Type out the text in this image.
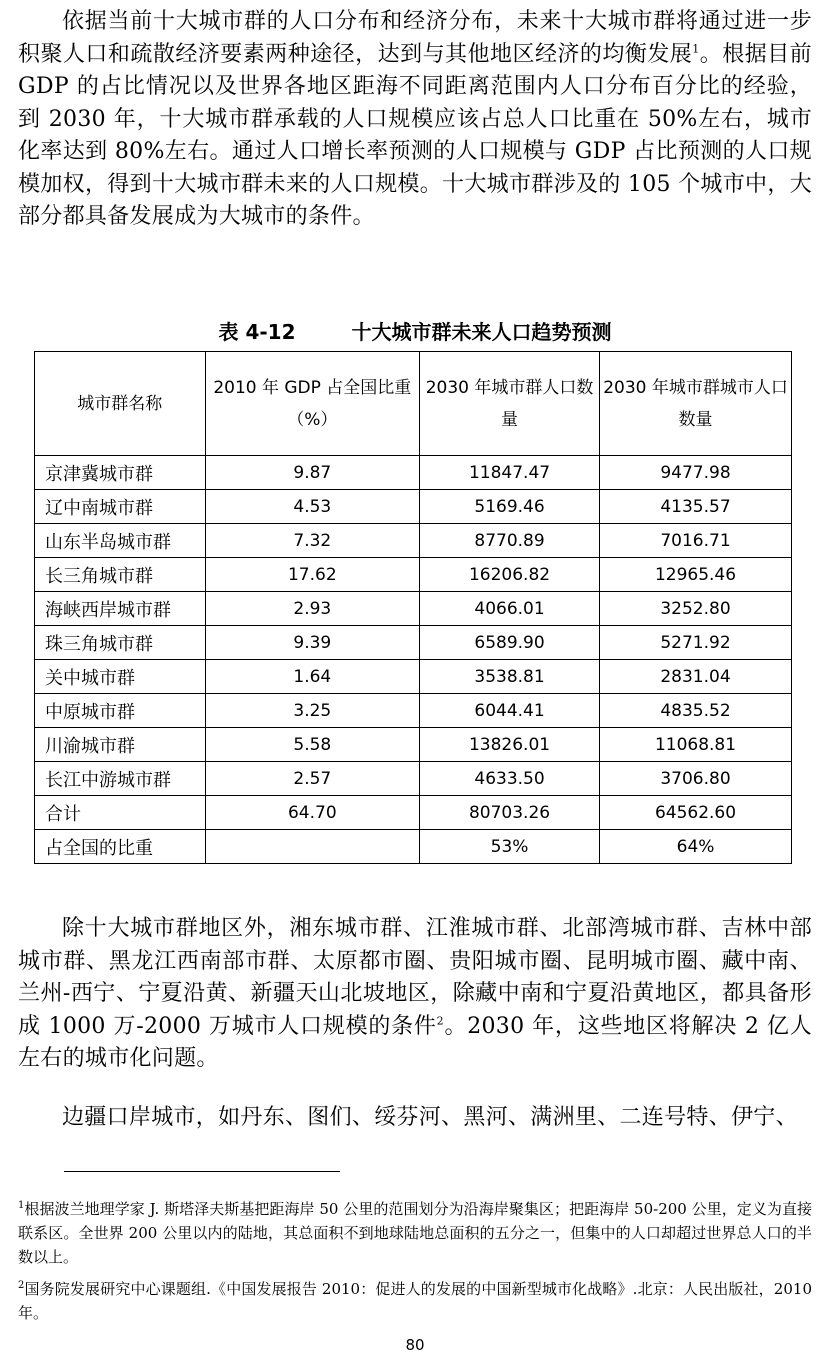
依据当前十大城市群的人口分布和经济分布，未来十大城市群将通过进一步积聚人口和疏散经济要素两种途径，达到与其他地区经济的均衡发展$^1$。根据目前 GDP 的占比情况以及世界各地区距海不同距离范围内人口分布百分比的经验，到 2030 年，十大城市群承载的人口规模应该占总人口比重在 50%左右，城市化率达到 80%左右。通过人口增长率预测的人口规模与 GDP 占比预测的人口规模加权，得到十大城市群未来的人口规模。十大城市群涉及的 105 个城市中，大部分都具备发展成为大城市的条件。

表 4-12	十大城市群未来人口趋势预测
城市群名称	2010 年 GDP 占全国比重（%）	2030 年城市群人口数量	2030 年城市群城市人口数量
京津冀城市群	9.87	11847.47	9477.98
辽中南城市群	4.53	5169.46	4135.57
山东半岛城市群	7.32	8770.89	7016.71
长三角城市群	17.62	16206.82	12965.46
海峡西岸城市群	2.93	4066.01	3252.80
珠三角城市群	9.39	6589.90	5271.92
关中城市群	1.64	3538.81	2831.04
中原城市群	3.25	6044.41	4835.52
川渝城市群	5.58	13826.01	11068.81
长江中游城市群	2.57	4633.50	3706.80
合计	64.70	80703.26	64562.60
占全国的比重		53%	64%

除十大城市群地区外，湘东城市群、江淮城市群、北部湾城市群、吉林中部城市群、黑龙江西南部市群、太原都市圈、贵阳城市圈、昆明城市圈、藏中南、兰州-西宁、宁夏沿黄、新疆天山北坡地区，除藏中南和宁夏沿黄地区，都具备形成 1000 万-2000 万城市人口规模的条件$^2$。2030 年，这些地区将解决 2 亿人左右的城市化问题。

边疆口岸城市，如丹东、图们、绥芬河、黑河、满洲里、二连号特、伊宁、

$^1$根据波兰地理学家 J. 斯塔泽夫斯基把距海岸 50 公里的范围划分为沿海岸聚集区；把距海岸 50-200 公里，定义为直接联系区。全世界 200 公里以内的陆地，其总面积不到地球陆地总面积的五分之一，但集中的人口却超过世界总人口的半数以上。

$^2$国务院发展研究中心课题组.《中国发展报告 2010：促进人的发展的中国新型城市化战略》.北京：人民出版社，2010 年。

80
